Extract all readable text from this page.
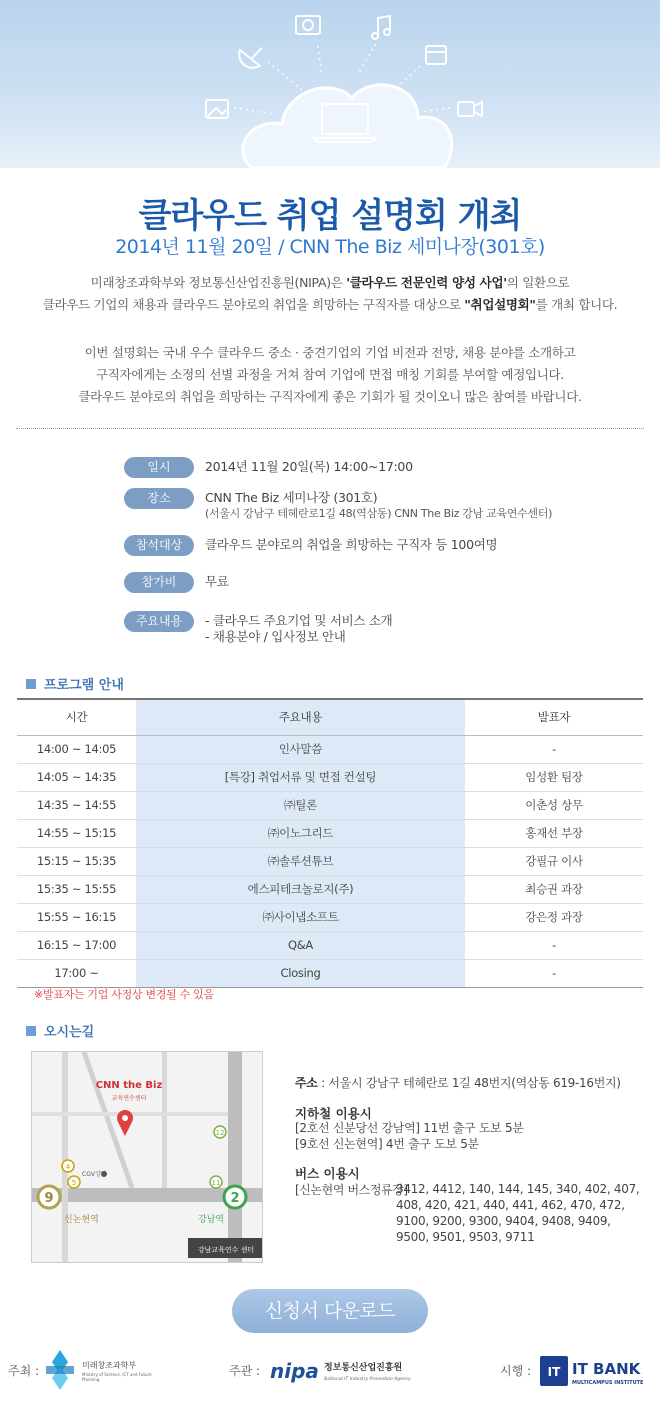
클라우드 취업 설명회 개최
2014년 11월 20일 / CNN The Biz 세미나장(301호)
미래창조과학부와 정보통신산업진흥원(NIPA)은 '클라우드 전문인력 양성 사업'의 일환으로
클라우드 기업의 채용과 클라우드 분야로의 취업을 희망하는 구직자를 대상으로 "취업설명회"를 개최 합니다.
이번 설명회는 국내 우수 클라우드 중소 · 중견기업의 기업 비전과 전망, 채용 분야를 소개하고
구직자에게는 소정의 선별 과정을 거쳐 참여 기업에 면접 매칭 기회를 부여할 예정입니다.
클라우드 분야로의 취업을 희망하는 구직자에게 좋은 기회가 될 것이오니 많은 참여를 바랍니다.
일시	2014년 11월 20일(목) 14:00~17:00
장소	CNN The Biz 세미나장 (301호)
(서울시 강남구 테헤란로1길 48(역삼동) CNN The Biz 강남 교육연수센터)
참석대상	클라우드 분야로의 취업을 희망하는 구직자 등 100여명
참가비	무료
주요내용	- 클라우드 주요기업 및 서비스 소개
- 채용분야 / 입사정보 안내
프로그램 안내
시간	주요내용	발표자
14:00 ~ 14:05	인사말씀	-
14:05 ~ 14:35	[특강] 취업서류 및 면접 컨설팅	임성환 팀장
14:35 ~ 14:55	㈜틸론	이춘성 상무
14:55 ~ 15:15	㈜이노그리드	홍재선 부장
15:15 ~ 15:35	㈜솔루션튜브	강필규 이사
15:35 ~ 15:55	에스피테크놀로지(주)	최승권 과장
15:55 ~ 16:15	㈜사이냅소프트	강은정 과장
16:15 ~ 17:00	Q&A	-
17:00 ~	Closing	-
※발표자는 기업 사정상 변경될 수 있음
오시는길
12
11
4
5
9	2
CNN the Biz
교육연수센터
CGV강남
신논현역	강남역
강남교육연수 센터
주소 : 서울시 강남구 테헤란로 1길 48번지(역삼동 619-16번지)
지하철 이용시
[2호선 신분당선 강남역] 11번 출구 도보 5분
[9호선 신논현역] 4번 출구 도보 5분
버스 이용시
[신논현역 버스정류장]
3412, 4412, 140, 144, 145, 340, 402, 407, 408, 420, 421, 440, 441, 462, 470, 472, 9100, 9200, 9300, 9404, 9408, 9409, 9500, 9501, 9503, 9711
신청서 다운로드
주최 :	미래창조과학부
Ministry of Science, ICT and Future Planning
주관 : nipa 정보통신산업진흥원
National IT Industry Promotion Agency
시행 : IT IT BANK
MULTICAMPUS INSTITUTE
